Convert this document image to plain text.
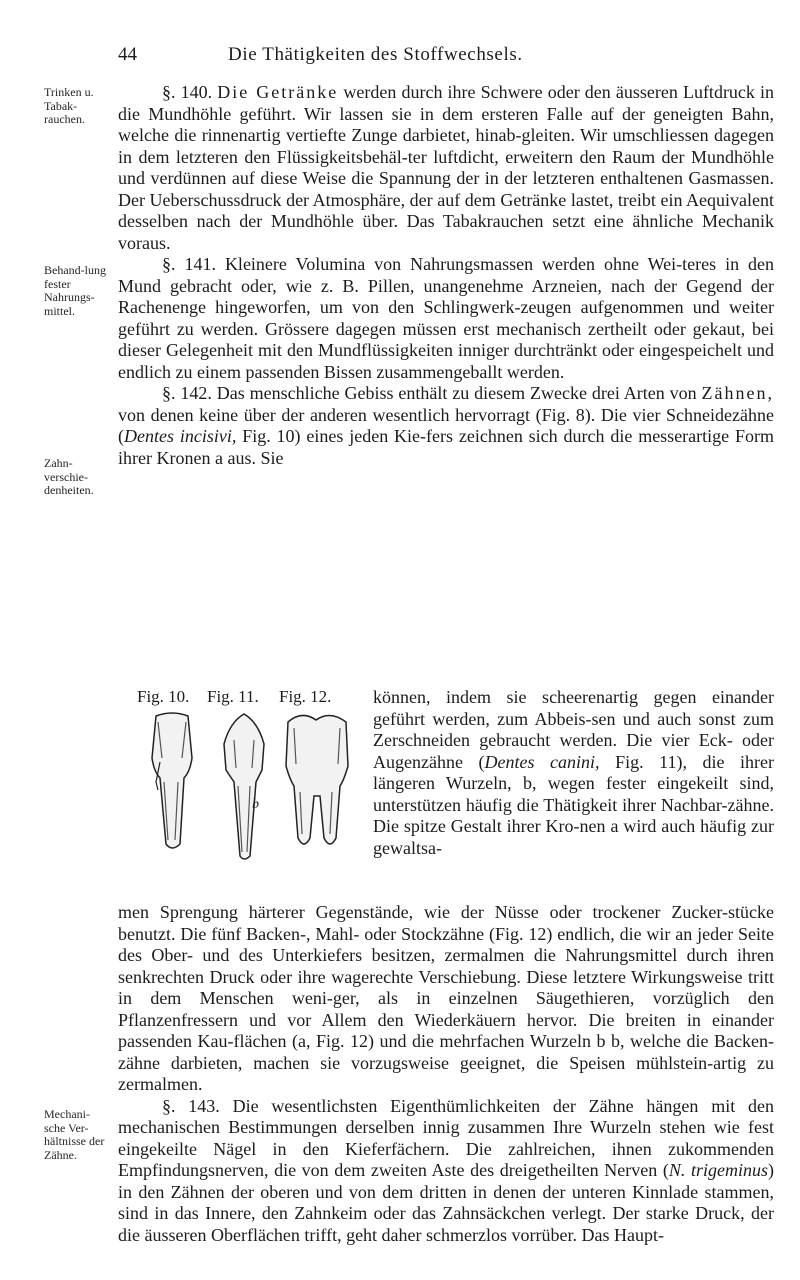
44	Die Thätigkeiten des Stoffwechsels.
Trinken u. Tabak-rauchen.
Behand-lung fester Nahrungs-mittel.
Zahn-verschie-denheiten.
Mechani-sche Ver-hältnisse der Zähne.

§. 140. Die Getränke werden durch ihre Schwere oder den äusseren Luftdruck in die Mundhöhle geführt. Wir lassen sie in dem ersteren Falle auf der geneigten Bahn, welche die rinnenartig vertiefte Zunge darbietet, hinab-gleiten. Wir umschliessen dagegen in dem letzteren den Flüssigkeitsbehäl-ter luftdicht, erweitern den Raum der Mundhöhle und verdünnen auf diese Weise die Spannung der in der letzteren enthaltenen Gasmassen. Der Ueberschussdruck der Atmosphäre, der auf dem Getränke lastet, treibt ein Aequivalent desselben nach der Mundhöhle über. Das Tabakrauchen setzt eine ähnliche Mechanik voraus.

§. 141. Kleinere Volumina von Nahrungsmassen werden ohne Wei-teres in den Mund gebracht oder, wie z. B. Pillen, unangenehme Arzneien, nach der Gegend der Rachenenge hingeworfen, um von den Schlingwerk-zeugen aufgenommen und weiter geführt zu werden. Grössere dagegen müssen erst mechanisch zertheilt oder gekaut, bei dieser Gelegenheit mit den Mundflüssigkeiten inniger durchtränkt oder eingespeichelt und endlich zu einem passenden Bissen zusammengeballt werden.

§. 142. Das menschliche Gebiss enthält zu diesem Zwecke drei Arten von Zähnen, von denen keine über der anderen wesentlich hervorragt (Fig. 8). Die vier Schneidezähne (Dentes incisivi, Fig. 10) eines jeden Kie-fers zeichnen sich durch die messerartige Form ihrer Kronen a aus. Sie

Fig. 10. Fig. 11. Fig. 12.
b

können, indem sie scheerenartig gegen einander geführt werden, zum Abbeis-sen und auch sonst zum Zerschneiden gebraucht werden. Die vier Eck- oder Augenzähne (Dentes canini, Fig. 11), die ihrer längeren Wurzeln, b, wegen fester eingekeilt sind, unterstützen häufig die Thätigkeit ihrer Nachbar-zähne. Die spitze Gestalt ihrer Kro-nen a wird auch häufig zur gewaltsa-

men Sprengung härterer Gegenstände, wie der Nüsse oder trockener Zucker-stücke benutzt. Die fünf Backen-, Mahl- oder Stockzähne (Fig. 12) endlich, die wir an jeder Seite des Ober- und des Unterkiefers besitzen, zermalmen die Nahrungsmittel durch ihren senkrechten Druck oder ihre wagerechte Verschiebung. Diese letztere Wirkungsweise tritt in dem Menschen weni-ger, als in einzelnen Säugethieren, vorzüglich den Pflanzenfressern und vor Allem den Wiederkäuern hervor. Die breiten in einander passenden Kau-flächen (a, Fig. 12) und die mehrfachen Wurzeln b b, welche die Backen-zähne darbieten, machen sie vorzugsweise geeignet, die Speisen mühlstein-artig zu zermalmen.

§. 143. Die wesentlichsten Eigenthümlichkeiten der Zähne hängen mit den mechanischen Bestimmungen derselben innig zusammen Ihre Wurzeln stehen wie fest eingekeilte Nägel in den Kieferfächern. Die zahlreichen, ihnen zukommenden Empfindungsnerven, die von dem zweiten Aste des dreigetheilten Nerven (N. trigeminus) in den Zähnen der oberen und von dem dritten in denen der unteren Kinnlade stammen, sind in das Innere, den Zahnkeim oder das Zahnsäckchen verlegt. Der starke Druck, der die äusseren Oberflächen trifft, geht daher schmerzlos vorrüber. Das Haupt-
